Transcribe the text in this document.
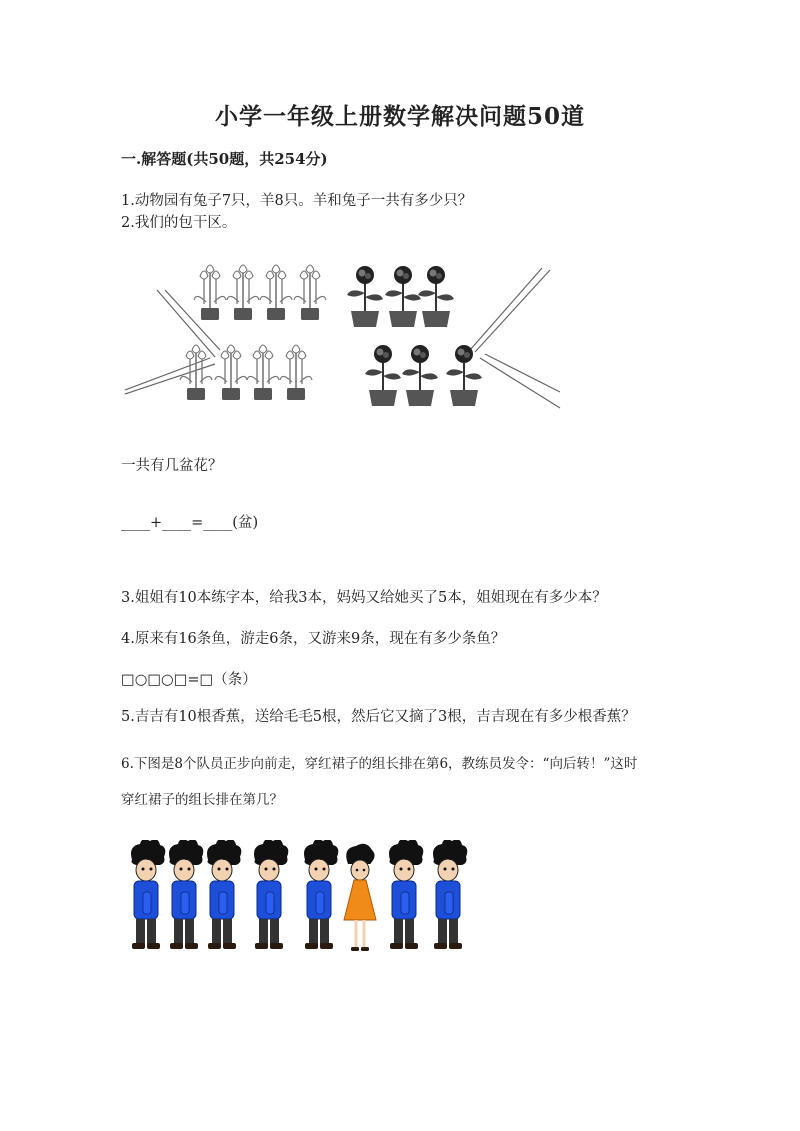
小学一年级上册数学解决问题50道
一.解答题(共50题，共254分)
1.动物园有兔子7只，羊8只。羊和兔子一共有多少只？
2.我们的包干区。
一共有几盆花？
____+____=____(盆)
3.姐姐有10本练字本，给我3本，妈妈又给她买了5本，姐姐现在有多少本？
4.原来有16条鱼，游走6条，又游来9条，现在有多少条鱼？
□○□○□=□（条）
5.吉吉有10根香蕉，送给毛毛5根，然后它又摘了3根，吉吉现在有多少根香蕉？
6.下图是8个队员正步向前走，穿红裙子的组长排在第6，教练员发令：“向后转！”这时
穿红裙子的组长排在第几？
